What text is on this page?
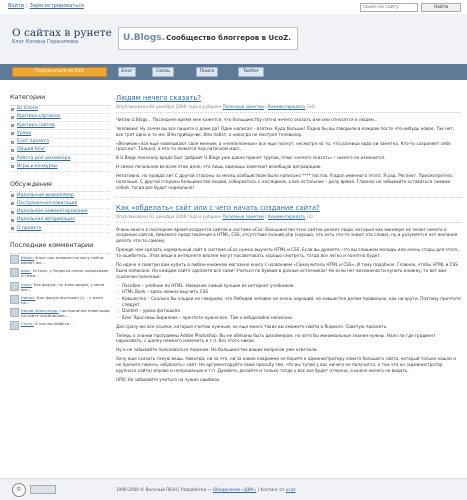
Войти | Зарегистрироваться
поиск по сайту	Найти
О сайтах в рунете
Блог Копина Герасимова	U.Blogs. Сообщество блоггеров в UcoZ.
Подписаться на RSS	Блог	Связь	Поиск	Twitter
Категории
Вс Блоги
Критика картинок
Критика сайтов
Уроки
Блог проекта
Общий блог
Работа для дизайнера
Игры и конкурсы
Обсуждение
Идеальный видеоплеер
Постраничная навигация
Идеальное комментирование
Идеальная авторизация
О проекте
Последние комментарии
Bowie: А вот как правило не могу найти, имеют же...
ваас: Устали, у Яндекса очень покрасивее и тоже...
Алек: Как форум, не знаю вроде, у меня вот...
Кирюс: Как форум фотошоп (:) – у меня на...
Кирюс Александр: постранично навигация на сайте Алейникова...
Гость: А как вы любите...
Людям нечего сказать?
Опубликовано 04 декабря 2008 года в рубрике Полезные заметки | Комментировать (34)

Читаю U.Blogs... Последнее время мне кажется, что большинству пятна нечего сказать или они относятся к людям...

Человеки! Ну зачем вы все пишите о доме да? Один написал – взятки. Куда больше! Ладно бы вы говорили в каждом посте что-нибудь новое. Так нет, все грят одно и то же. Или приборчик. Или побег, а никогда не смотрел телевизор.

«Великие» все еще навязывают свое мнение, а «непоклонные» все еще плачут, несмотря на то, что разница едва ли заметна. Кто-то сохраняет себя (рассмот. Только), а кто-то ложится под натиском масс.

В U.Blogs поначалу вроде был 'добрый' U.Blogs уже давно принят трупов, плюс «нечего сказать» – ничего не изменится.

Н самое печальное во всем этом деле, что лишь единицы замечают всеобщую деградацию.

Негативно, но правда ли? С другой стороны за месяц сообществом было написано **** постов. Я вдал именного этого. Я рад. Респект. Присмотритесь полезные. С другой стороны большинство людей, собираетесь с наследием, а все остальное – делу время. Главное не забывайте оставаться самими собой, тогда все будет нормально!

Как «обделать» сайт или с чего начать создание сайта?
Опубликовано 01 декабря 2008 года в рубрике Полезные заметки | Комментировать (3)

Очень много в последнее время создается сайтов в системе uCoz. Большинство этих сайтов делает люди, которые как минимум не знают ничего о создании сайтов. Никакого представления о HTML, CSS, отсутствие знаний php (хорошо, что хоть это-то знают это слово), ну и разумеется нет желания делать что-то самому.

Прежде чем сделать нормальный сайт в системе uCoz нужно выучить HTML и CSS. Если вы думаете, что вы слишком молоды или очень стары для этого, то ошибетесь. Этих вещи в интернете вполне могут посоветовать хорошо смотреть, тогда все легко и понятно будет.

По ндаче я советую вам купить в любом книжном магазине книгу с названием «Самоучитель HTML и CSS». И тому подобное. Главное, чтобы HTML и CSS было написано. На каждом сайте сделаете все сами! Учиться по буквам в разные источниках! Но если нет возможности купить книжку, то вот вам ссылочки полезные:

– Пособие – учебник по HTML. Наверное самый лучшие из интернет учебников.
– HTML Book – здесь можно выучить CSS
– Ковшестко – Сколько бы эльдеи не говорили, что Лебедев человек не очень хороший, но ковшестко делом правильно, как ни крути. Поэтому прочтите следует.
– Dantert – уроки фотошопа
– Блог Ярославы Бирилева – прочтите нужно все. Там о вебдизайне написано.

Дал сразу же все ссылки, которые считаю нужным, но еще много таких вы сможете найти в Яндексе. Советую поискать.

Теперь о знании программы Adobe Photoshop. Вы не обязаны быть дизайнером, но хотя бы минимальные знания нужны. Нало ли где градиент нарисовать, с шапку немного изменить и т.п. без этого никак.

Ну и не забывайте пользоваться поиском. На большинство ваших вопросов уже ответили.

Хочу еще сказать такую вещь. Никогда, ни за что, ни за какие коврижки не берите к администратору самого большого сайта, который только нашли и не просите помочь «обделать» сайт. Не аргументируйте свою просьбу тем, что вы тупой у вас ничего не получится, о том что он (администратор крупного сайта) вправе и непрошеным и т.п. Думайте, делайте и только тогда у вас все будет отлично, а иначе ничего не видать.

UPD: Не забывайте учиться на чужих ошибках.

©	1990-2009 © Веселый ПЮН | Разработка — Обединение «ДИА» | Хостинг от ucoz
